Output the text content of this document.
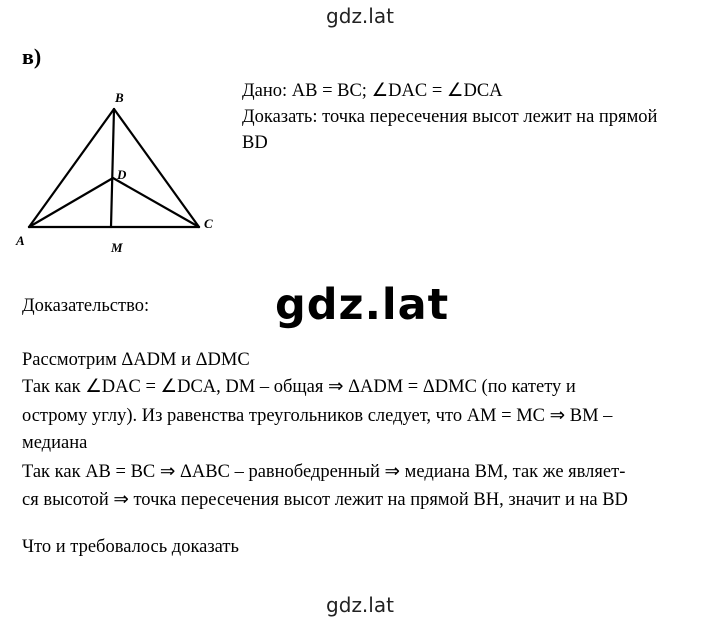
gdz.lat
в)
B
D
C
A	M
Дано: AB = BC; ∠DAC = ∠DCA
Доказать: точка пересечения высот лежит на прямой
BD
gdz.lat
Доказательство:
Рассмотрим ΔADM и ΔDMC
Так как ∠DAC = ∠DCA, DM – общая ⇒ ΔADM = ΔDMC (по катету и
острому углу). Из равенства треугольников следует, что AM = MC ⇒ BM –
медиана
Так как AB = BC ⇒ ΔABC – равнобедренный ⇒ медиана BM, так же являет-
ся высотой ⇒ точка пересечения высот лежит на прямой BH, значит и на BD
Что и требовалось доказать
gdz.lat
